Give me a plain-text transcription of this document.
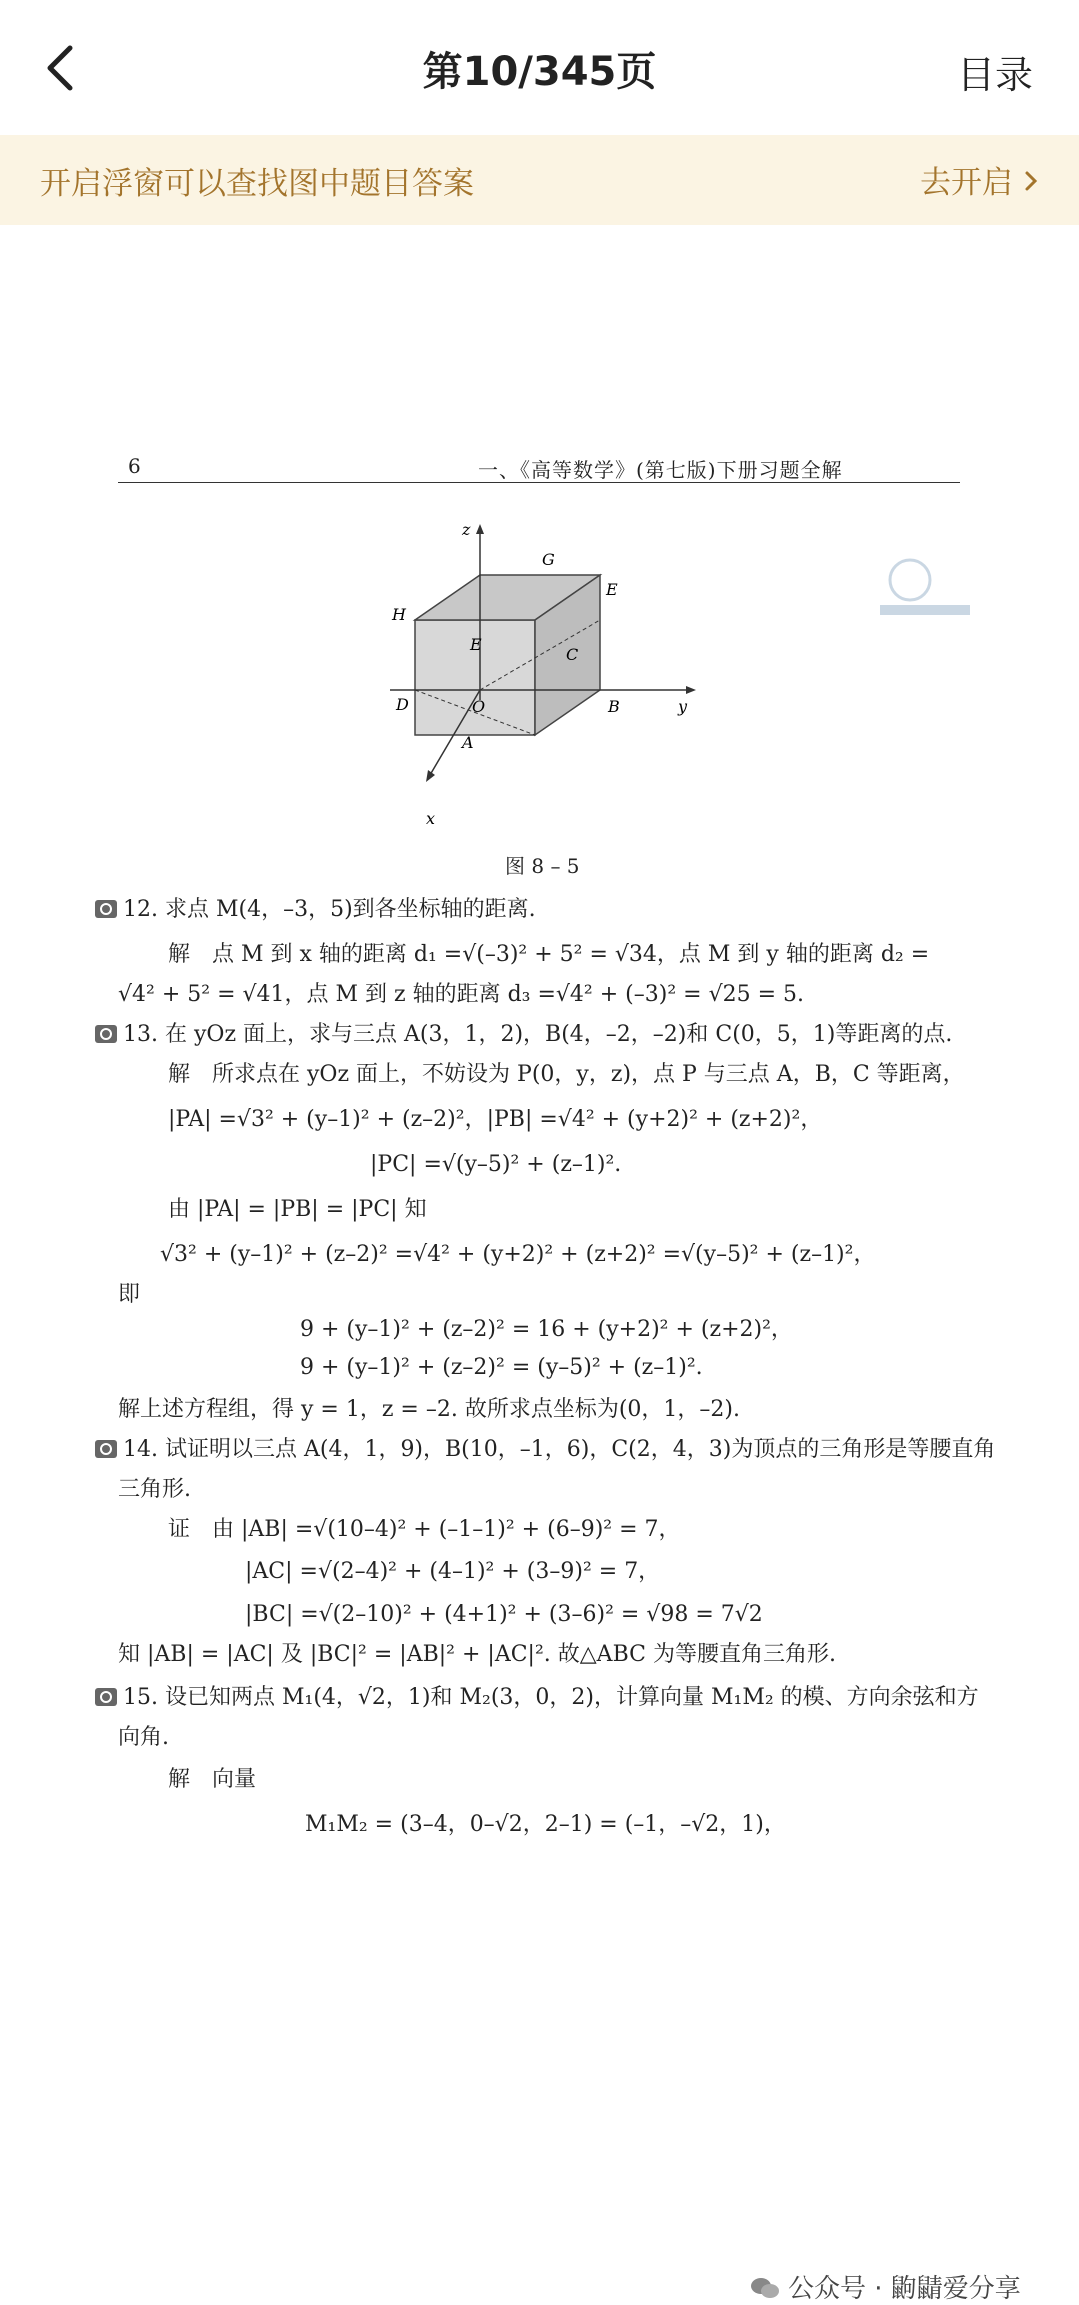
第10/345页	目录
开启浮窗可以查找图中题目答案	去开启
6	一、《高等数学》(第七版)下册习题全解
z
G
H
E
E
C
D	O	B	y
A
x
图 8 – 5
12. 求点 M(4，–3，5)到各坐标轴的距离.
解　点 M 到 x 轴的距离 d₁ =√(–3)² + 5² = √34，点 M 到 y 轴的距离 d₂ =
√4² + 5² = √41，点 M 到 z 轴的距离 d₃ =√4² + (–3)² = √25 = 5.
13. 在 yOz 面上，求与三点 A(3，1，2)，B(4，–2，–2)和 C(0，5，1)等距离的点.
解　所求点在 yOz 面上，不妨设为 P(0，y，z)，点 P 与三点 A，B，C 等距离，
|PA| =√3² + (y–1)² + (z–2)²，|PB| =√4² + (y+2)² + (z+2)²，
|PC| =√(y–5)² + (z–1)².
由 |PA| = |PB| = |PC| 知
√3² + (y–1)² + (z–2)² =√4² + (y+2)² + (z+2)² =√(y–5)² + (z–1)²，
即
9 + (y–1)² + (z–2)² = 16 + (y+2)² + (z+2)²，
9 + (y–1)² + (z–2)² = (y–5)² + (z–1)².
解上述方程组，得 y = 1，z = –2. 故所求点坐标为(0，1，–2).
14. 试证明以三点 A(4，1，9)，B(10，–1，6)，C(2，4，3)为顶点的三角形是等腰直角
三角形.
证　由 |AB| =√(10–4)² + (–1–1)² + (6–9)² = 7，
|AC| =√(2–4)² + (4–1)² + (3–9)² = 7，
|BC| =√(2–10)² + (4+1)² + (3–6)² = √98 = 7√2
知 |AB| = |AC| 及 |BC|² = |AB|² + |AC|². 故△ABC 为等腰直角三角形.
15. 设已知两点 M₁(4，√2，1)和 M₂(3，0，2)，计算向量 M₁M₂ 的模、方向余弦和方
向角.
解　向量
M₁M₂ = (3–4，0–√2，2–1) = (–1，–√2，1)，
公众号 · 鼩鼱爱分享
